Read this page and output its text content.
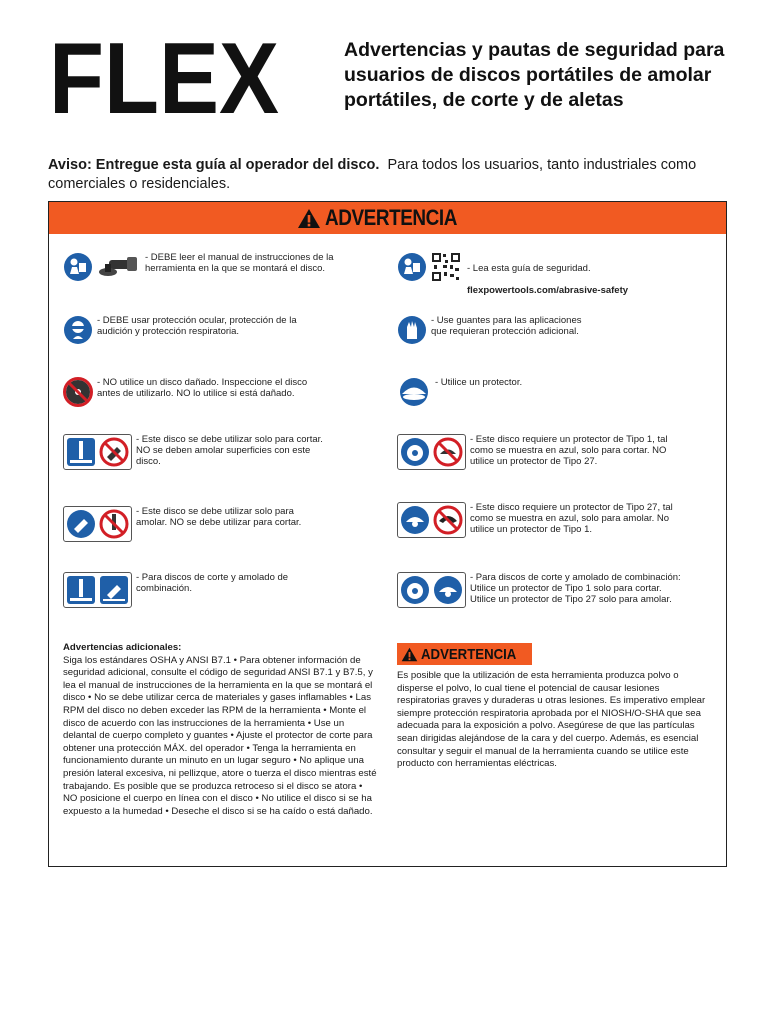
FLEX	Advertencias y pautas de seguridad para usuarios de discos portátiles de amolar portátiles, de corte y de aletas
Aviso: Entregue esta guía al operador del disco. Para todos los usuarios, tanto industriales como comerciales o residenciales.
ADVERTENCIA
- DEBE leer el manual de instrucciones de la
herramienta en la que se montará el disco.
- DEBE usar protección ocular, protección de la
audición y protección respiratoria.
- NO utilice un disco dañado. Inspeccione el disco
antes de utilizarlo. NO lo utilice si está dañado.
- Este disco se debe utilizar solo para cortar.
NO se deben amolar superficies con este
disco.
- Este disco se debe utilizar solo para
amolar. NO se debe utilizar para cortar.
- Para discos de corte y amolado de
combinación.

- Lea esta guía de seguridad.

flexpowertools.com/abrasive-safety

- Use guantes para las aplicaciones
que requieran protección adicional.
- Utilice un protector.
- Este disco requiere un protector de Tipo 1, tal
como se muestra en azul, solo para cortar. NO
utilice un protector de Tipo 27.
- Este disco requiere un protector de Tipo 27, tal
como se muestra en azul, solo para amolar. No
utilice un protector de Tipo 1.
- Para discos de corte y amolado de combinación:
Utilice un protector de Tipo 1 solo para cortar.
Utilice un protector de Tipo 27 solo para amolar.
Advertencias adicionales:
Siga los estándares OSHA y ANSI B7.1 • Para obtener información de seguridad adicional, consulte el código de seguridad ANSI B7.1 y B7.5, y lea el manual de instrucciones de la herramienta en la que se montará el disco • No se debe utilizar cerca de materiales y gases inflamables • Las RPM del disco no deben exceder las RPM de la herramienta • Monte el disco de acuerdo con las instrucciones de la herramienta • Use un delantal de cuerpo completo y guantes • Ajuste el protector de corte para obtener una protección MÁX. del operador • Tenga la herramienta en funcionamiento durante un minuto en un lugar seguro • No aplique una presión lateral excesiva, ni pellizque, atore o tuerza el disco mientras esté trabajando. Es posible que se produzca retroceso si el disco se atora • NO posicione el cuerpo en línea con el disco • No utilice el disco si se ha expuesto a la humedad • Deseche el disco si se ha caído o está dañado.
ADVERTENCIA
Es posible que la utilización de esta herramienta produzca polvo o disperse el polvo, lo cual tiene el potencial de causar lesiones respiratorias graves y duraderas u otras lesiones. Es imperativo emplear siempre protección respiratoria aprobada por el NIOSH/O-SHA que sea adecuada para la exposición a polvo. Asegúrese de que las partículas sean dirigidas alejándose de la cara y del cuerpo. Además, es esencial consultar y seguir el manual de la herramienta cuando se utilice este producto con herramientas eléctricas.
